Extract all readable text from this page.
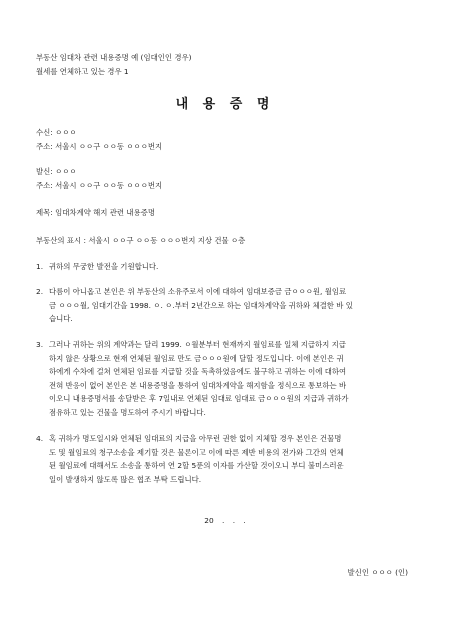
부동산 임대차 관련 내용증명 예 (임대인인 경우)
월세를 연체하고 있는 경우 1
내 용 증 명
수신: ㅇㅇㅇ
주소: 서울시 ㅇㅇ구 ㅇㅇ동 ㅇㅇㅇ번지
발신: ㅇㅇㅇ
주소: 서울시 ㅇㅇ구 ㅇㅇ동 ㅇㅇㅇ번지
제목: 임대차계약 해지 관련 내용증명
부동산의 표시 : 서울시 ㅇㅇ구 ㅇㅇ동 ㅇㅇㅇ번지 지상 건물 ㅇ층
1. 귀하의 무궁한 발전을 기원합니다.
2. 다름이 아니옵고 본인은 위 부동산의 소유주로서 이에 대하여 임대보증금 금ㅇㅇㅇ원, 월임료
금 ㅇㅇㅇ월, 임대기간을 1998. ㅇ. ㅇ.부터 2년간으로 하는 임대차계약을 귀하와 체결한 바 있
습니다.
3. 그러나 귀하는 위의 계약과는 달리 1999. ㅇ월분부터 현재까지 월임료를 일체 지급하지 지급
하지 않은 상황으로 현재 연체된 월임료 만도 금ㅇㅇㅇ원에 달할 정도입니다. 이에 본인은 귀
하에게 수차에 걸쳐 연체된 임료를 지급할 것을 독촉하였음에도 불구하고 귀하는 이에 대하여
전혀 반응이 없어 본인은 본 내용증명을 통하여 임대차계약을 해지함을 정식으로 통보하는 바
이오니 내용증명서를 송달받은 후 7일내로 연체된 임대료 임대료 금ㅇㅇㅇ원의 지급과 귀하가
점유하고 있는 건물을 명도하여 주시기 바랍니다.
4. 혹 귀하가 명도일시와 연체된 임대료의 지급을 아무런 권한 없이 지체할 경우 본인은 건물명
도 및 월임료의 청구소송을 제기할 것은 물론이고 이에 따른 제반 비용의 전가와 그간의 연체
된 월임료에 대해서도 소송을 통하여 연 2할 5푼의 이자를 가산할 것이오니 부디 불미스러운
일이 발생하지 않도록 많은 협조 부탁 드립니다.
20 . . .
발신인 ㅇㅇㅇ (인)
